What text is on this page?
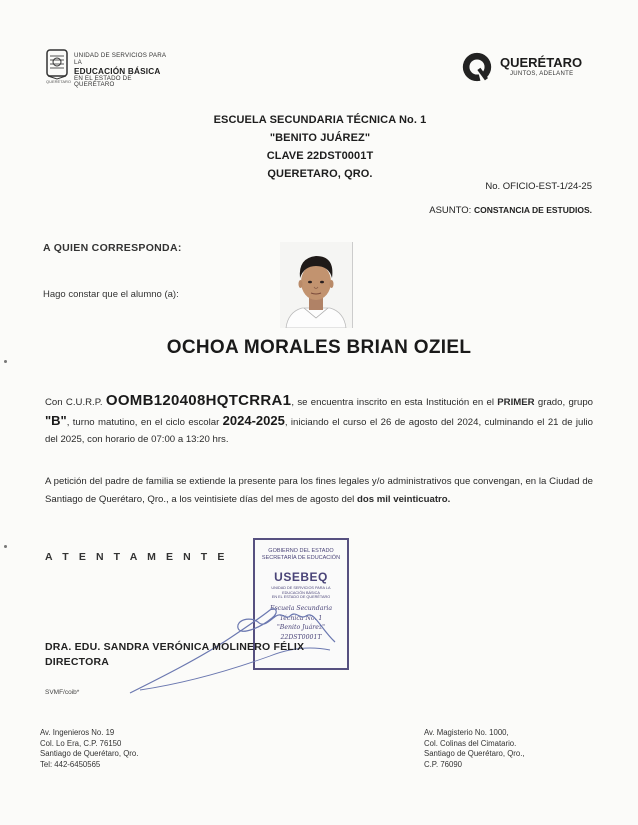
UNIDAD DE SERVICIOS PARA LA
EDUCACIÓN BÁSICA
EN EL ESTADO DE QUERÉTARO
QUERÉTARO
QUERÉTARO
JUNTOS, ADELANTE
ESCUELA SECUNDARIA TÉCNICA No. 1
"BENITO JUÁREZ"
CLAVE 22DST0001T
QUERETARO, QRO.
No. OFICIO-EST-1/24-25
ASUNTO: CONSTANCIA DE ESTUDIOS.
A QUIEN CORRESPONDA:
Hago constar que el alumno (a):
OCHOA MORALES BRIAN OZIEL
Con C.U.R.P. OOMB120408HQTCRRA1, se encuentra inscrito en esta Institución en el PRIMER grado, grupo "B", turno matutino, en el ciclo escolar 2024-2025, iniciando el curso el 26 de agosto del 2024, culminando el 21 de julio del 2025, con horario de 07:00 a 13:20 hrs.
A petición del padre de familia se extiende la presente para los fines legales y/o administrativos que convengan, en la Ciudad de Santiago de Querétaro, Qro., a los veintisiete días del mes de agosto del dos mil veinticuatro.
A T E N T A M E N T E	GOBIERNO DEL ESTADO
SECRETARÍA DE EDUCACIÓN
USEBEQ
UNIDAD DE SERVICIOS PARA LA
EDUCACIÓN BÁSICA
EN EL ESTADO DE QUERÉTARO
Escuela Secundaria
Técnica No. 1
"Benito Juárez"
22DST0001T
DRA. EDU. SANDRA VERÓNICA MOLINERO FÉLIX
DIRECTORA
SVMF/coib*
Av. Ingenieros No. 19
Col. Lo Era, C.P. 76150
Santiago de Querétaro, Qro.
Tel: 442-6450565
Av. Magisterio No. 1000,
Col. Colinas del Cimatario.
Santiago de Querétaro, Qro.,
C.P. 76090
